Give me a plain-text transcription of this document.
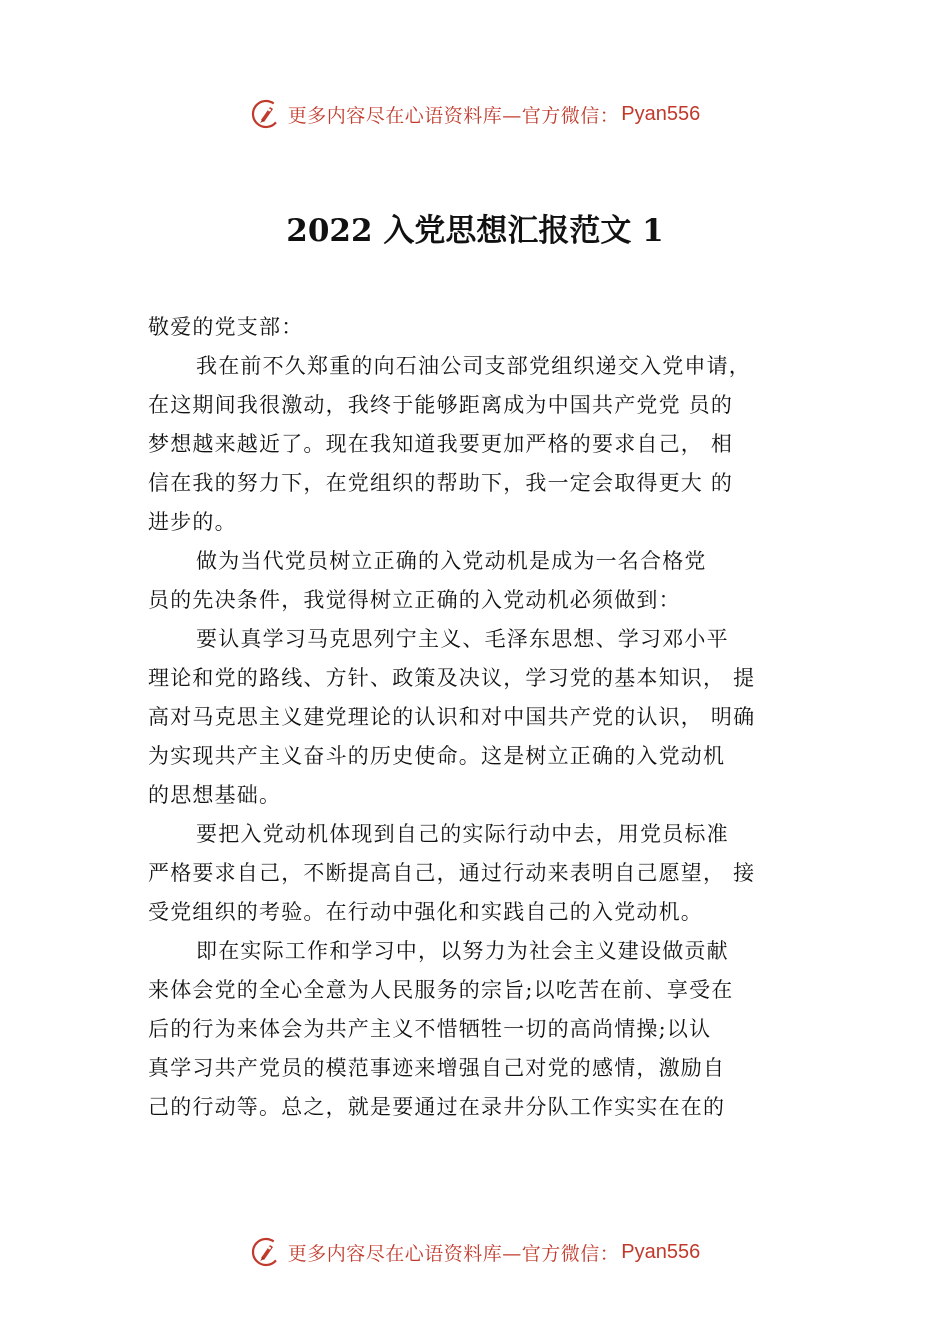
更多内容尽在心语资料库—官方微信： Pyan556
2022 入党思想汇报范文 1
敬爱的党支部：
我在前不久郑重的向石油公司支部党组织递交入党申请，
在这期间我很激动，我终于能够距离成为中国共产党党 员的
梦想越来越近了。现在我知道我要更加严格的要求自己， 相
信在我的努力下，在党组织的帮助下，我一定会取得更大 的
进步的。
做为当代党员树立正确的入党动机是成为一名合格党
员的先决条件，我觉得树立正确的入党动机必须做到：
要认真学习马克思列宁主义、毛泽东思想、学习邓小平
理论和党的路线、方针、政策及决议，学习党的基本知识， 提
高对马克思主义建党理论的认识和对中国共产党的认识， 明确
为实现共产主义奋斗的历史使命。这是树立正确的入党动机
的思想基础。
要把入党动机体现到自己的实际行动中去，用党员标准
严格要求自己，不断提高自己，通过行动来表明自己愿望， 接
受党组织的考验。在行动中强化和实践自己的入党动机。
即在实际工作和学习中，以努力为社会主义建设做贡献
来体会党的全心全意为人民服务的宗旨;以吃苦在前、享受在
后的行为来体会为共产主义不惜牺牲一切的高尚情操;以认
真学习共产党员的模范事迹来增强自己对党的感情，激励自
己的行动等。总之，就是要通过在录井分队工作实实在在的
更多内容尽在心语资料库—官方微信： Pyan556
